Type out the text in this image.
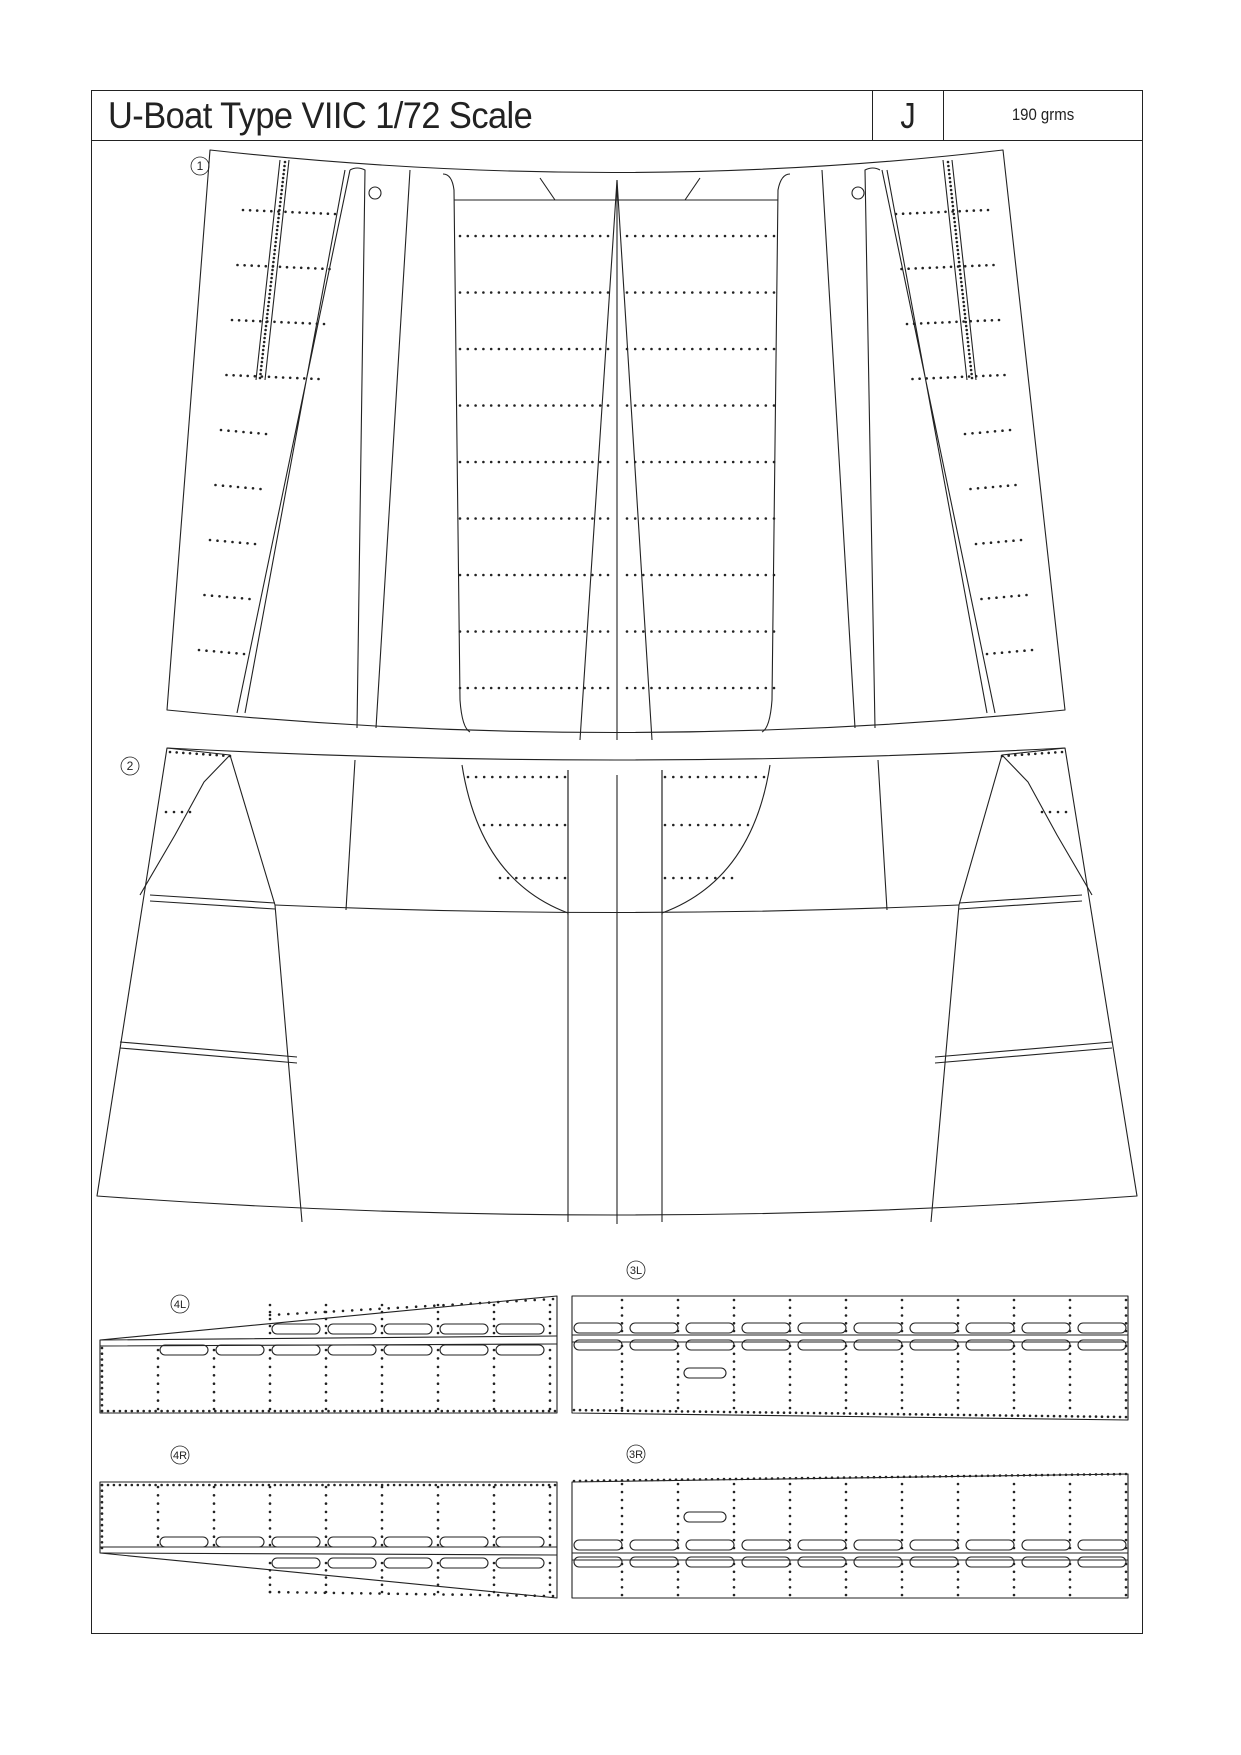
U-Boat Type VIIC 1/72 Scale	J	190 grms
1
2
3L
3R
4L
4R
